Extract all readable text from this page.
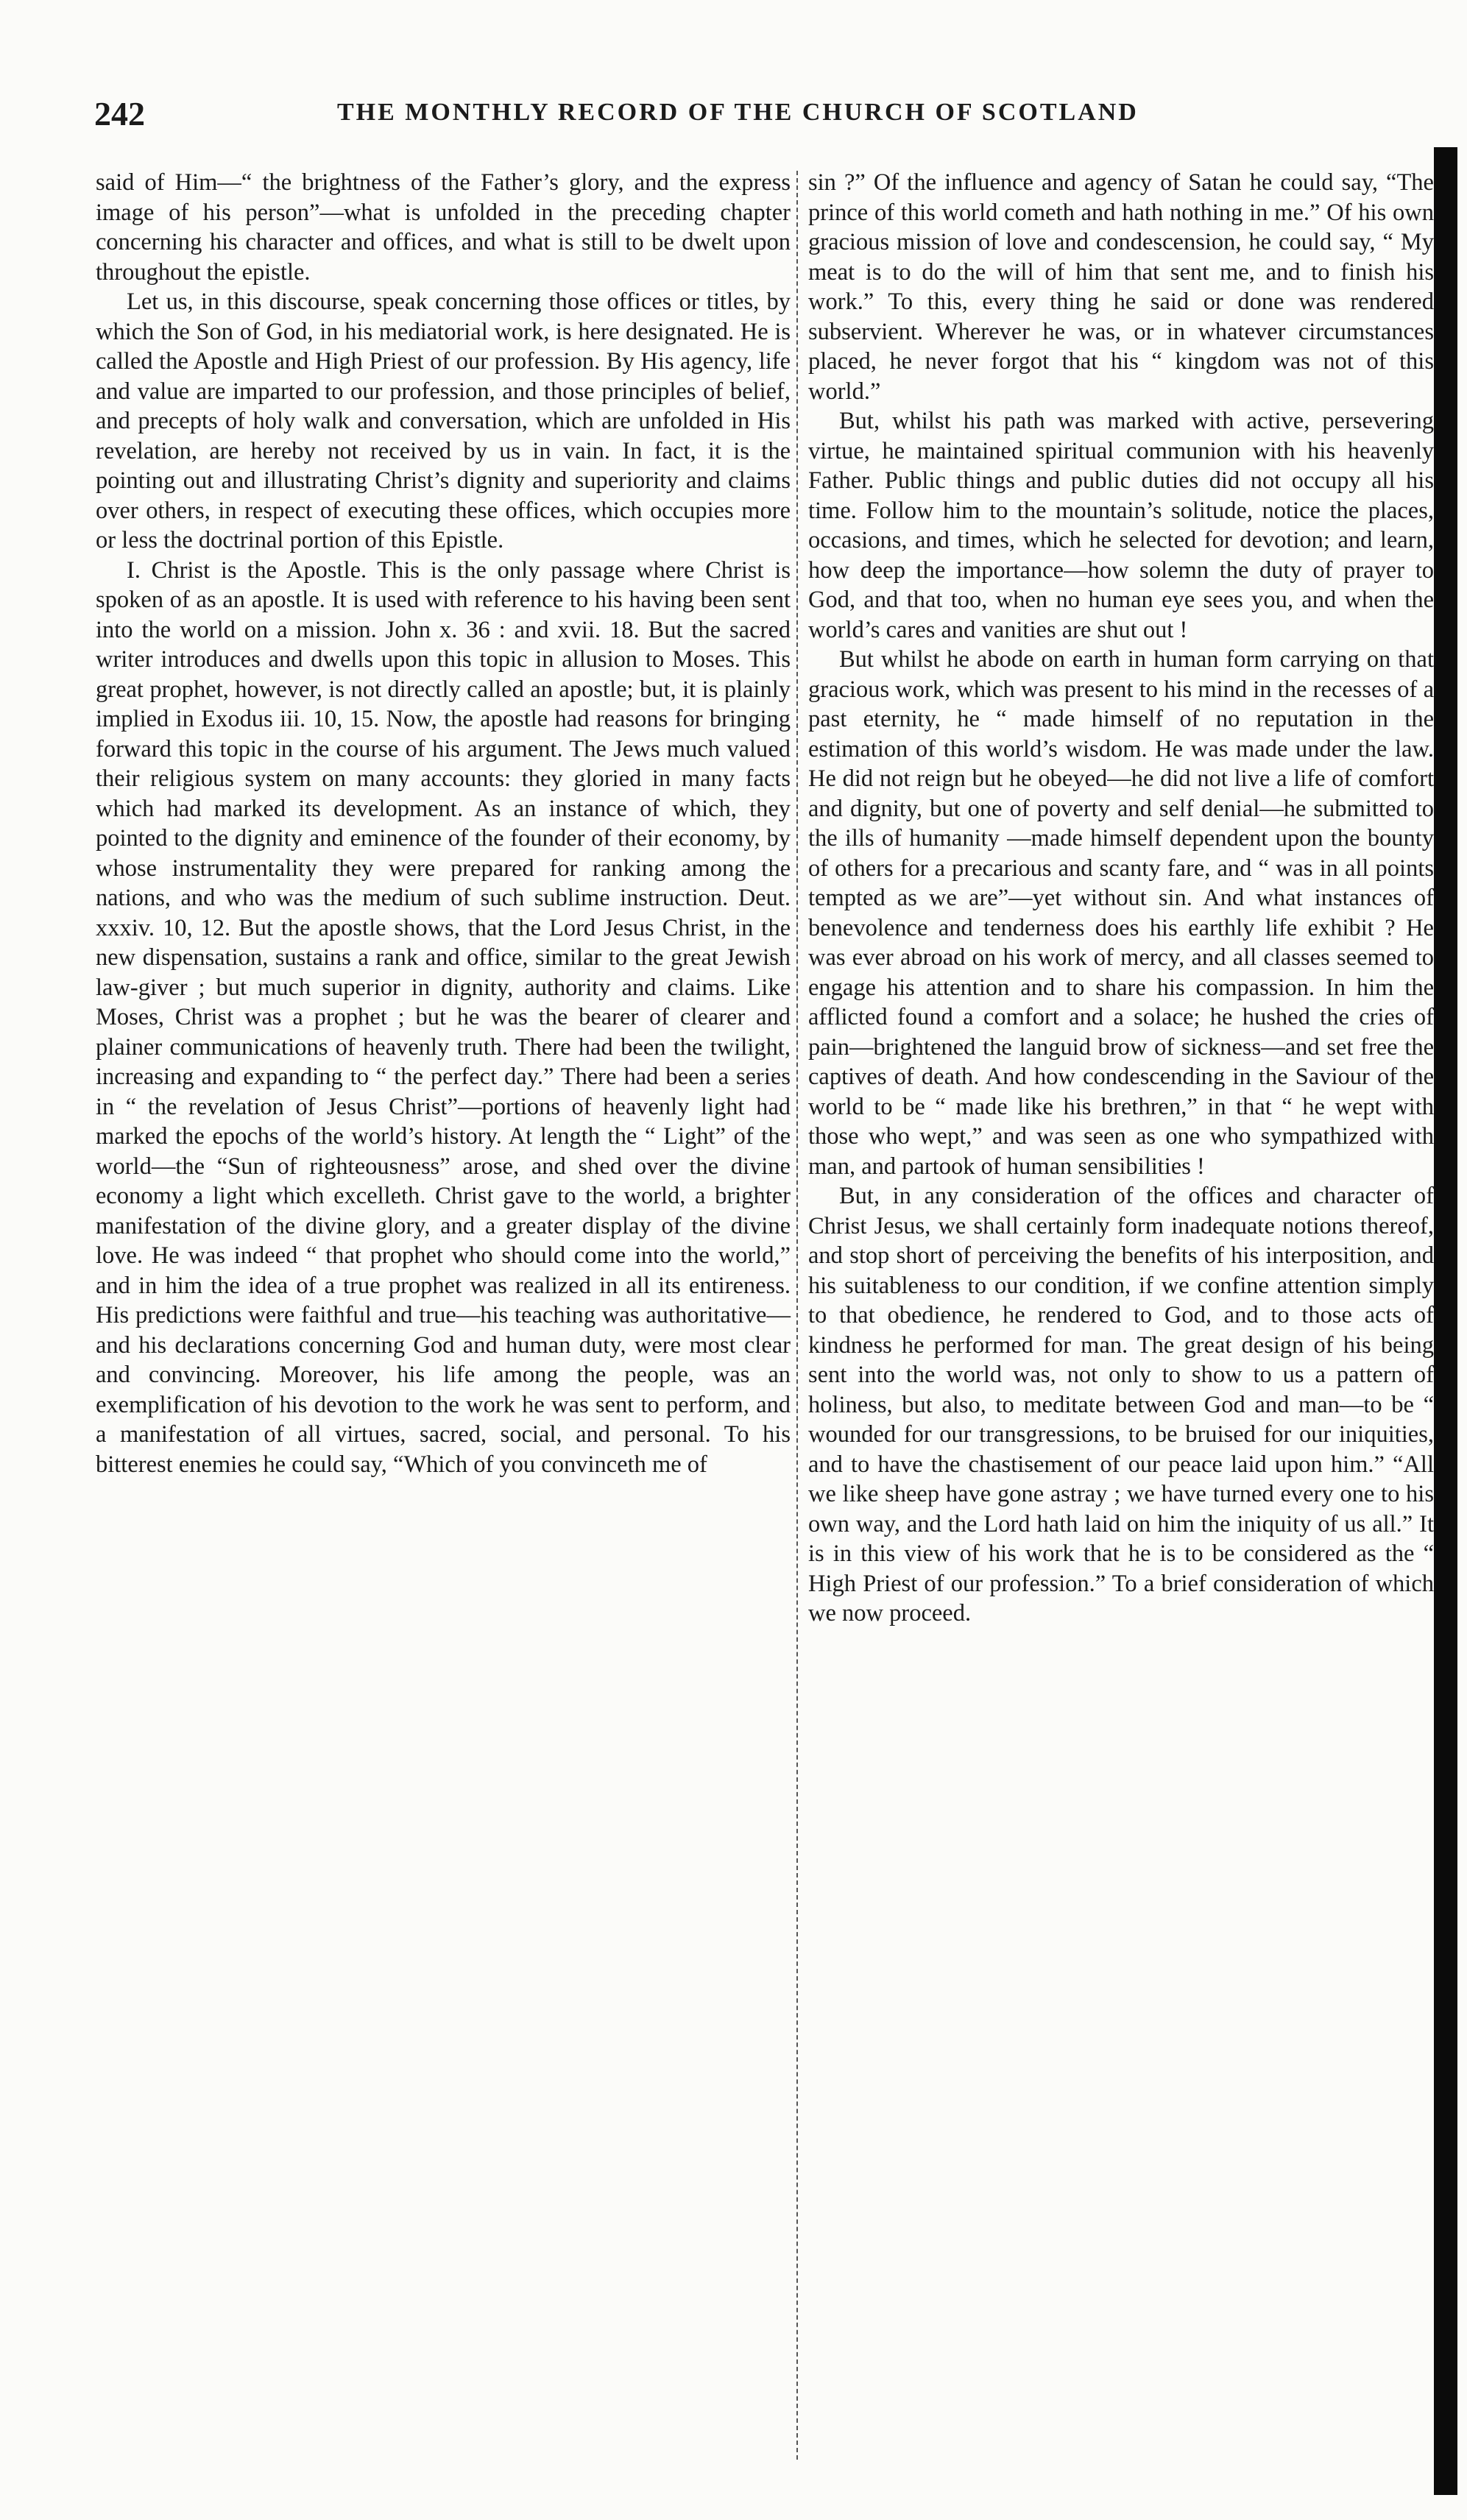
242	THE MONTHLY RECORD OF THE CHURCH OF SCOTLAND

said of Him—“ the brightness of the Father’s glory, and the express image of his person”—what is unfolded in the preceding chapter concerning his character and offices, and what is still to be dwelt upon throughout the epistle.

Let us, in this discourse, speak concerning those offices or titles, by which the Son of God, in his mediatorial work, is here designated. He is called the Apostle and High Priest of our profession. By His agency, life and value are imparted to our profession, and those principles of belief, and precepts of holy walk and conversation, which are unfolded in His revelation, are hereby not received by us in vain. In fact, it is the pointing out and illustrating Christ’s dignity and superiority and claims over others, in respect of executing these offices, which occupies more or less the doctrinal portion of this Epistle.

I. Christ is the Apostle. This is the only passage where Christ is spoken of as an apostle. It is used with reference to his having been sent into the world on a mission. John x. 36 : and xvii. 18. But the sacred writer introduces and dwells upon this topic in allusion to Moses. This great prophet, however, is not directly called an apostle; but, it is plainly implied in Exodus iii. 10, 15. Now, the apostle had reasons for bringing forward this topic in the course of his argument. The Jews much valued their religious system on many accounts: they gloried in many facts which had marked its development. As an instance of which, they pointed to the dignity and eminence of the founder of their economy, by whose instrumentality they were prepared for ranking among the nations, and who was the medium of such sublime instruction. Deut. xxxiv. 10, 12. But the apostle shows, that the Lord Jesus Christ, in the new dispensation, sustains a rank and office, similar to the great Jewish law-giver ; but much superior in dignity, authority and claims. Like Moses, Christ was a prophet ; but he was the bearer of clearer and plainer communications of heavenly truth. There had been the twilight, increasing and expanding to “ the perfect day.” There had been a series in “ the revelation of Jesus Christ”—portions of heavenly light had marked the epochs of the world’s history. At length the “ Light” of the world—the “Sun of righteousness” arose, and shed over the divine economy a light which excelleth. Christ gave to the world, a brighter manifestation of the divine glory, and a greater display of the divine love. He was indeed “ that prophet who should come into the world,” and in him the idea of a true prophet was realized in all its entireness. His predictions were faithful and true—his teaching was authoritative—and his declarations concerning God and human duty, were most clear and convincing. Moreover, his life among the people, was an exemplification of his devotion to the work he was sent to perform, and a manifestation of all virtues, sacred, social, and personal. To his bitterest enemies he could say, “Which of you convinceth me of

sin ?” Of the influence and agency of Satan he could say, “The prince of this world cometh and hath nothing in me.” Of his own gracious mission of love and condescension, he could say, “ My meat is to do the will of him that sent me, and to finish his work.” To this, every thing he said or done was rendered subservient. Wherever he was, or in whatever circumstances placed, he never forgot that his “ kingdom was not of this world.”

But, whilst his path was marked with active, persevering virtue, he maintained spiritual communion with his heavenly Father. Public things and public duties did not occupy all his time. Follow him to the mountain’s solitude, notice the places, occasions, and times, which he selected for devotion; and learn, how deep the importance—how solemn the duty of prayer to God, and that too, when no human eye sees you, and when the world’s cares and vanities are shut out !

But whilst he abode on earth in human form carrying on that gracious work, which was present to his mind in the recesses of a past eternity, he “ made himself of no reputation in the estimation of this world’s wisdom. He was made under the law. He did not reign but he obeyed—he did not live a life of comfort and dignity, but one of poverty and self denial—he submitted to the ills of humanity —made himself dependent upon the bounty of others for a precarious and scanty fare, and “ was in all points tempted as we are”—yet without sin. And what instances of benevolence and tenderness does his earthly life exhibit ? He was ever abroad on his work of mercy, and all classes seemed to engage his attention and to share his compassion. In him the afflicted found a comfort and a solace; he hushed the cries of pain—brightened the languid brow of sickness—and set free the captives of death. And how condescending in the Saviour of the world to be “ made like his brethren,” in that “ he wept with those who wept,” and was seen as one who sympathized with man, and partook of human sensibilities !

But, in any consideration of the offices and character of Christ Jesus, we shall certainly form inadequate notions thereof, and stop short of perceiving the benefits of his interposition, and his suitableness to our condition, if we confine attention simply to that obedience, he rendered to God, and to those acts of kindness he performed for man. The great design of his being sent into the world was, not only to show to us a pattern of holiness, but also, to meditate between God and man—to be “ wounded for our transgressions, to be bruised for our iniquities, and to have the chastisement of our peace laid upon him.” “All we like sheep have gone astray ; we have turned every one to his own way, and the Lord hath laid on him the iniquity of us all.” It is in this view of his work that he is to be considered as the “ High Priest of our profession.” To a brief consideration of which we now proceed.
